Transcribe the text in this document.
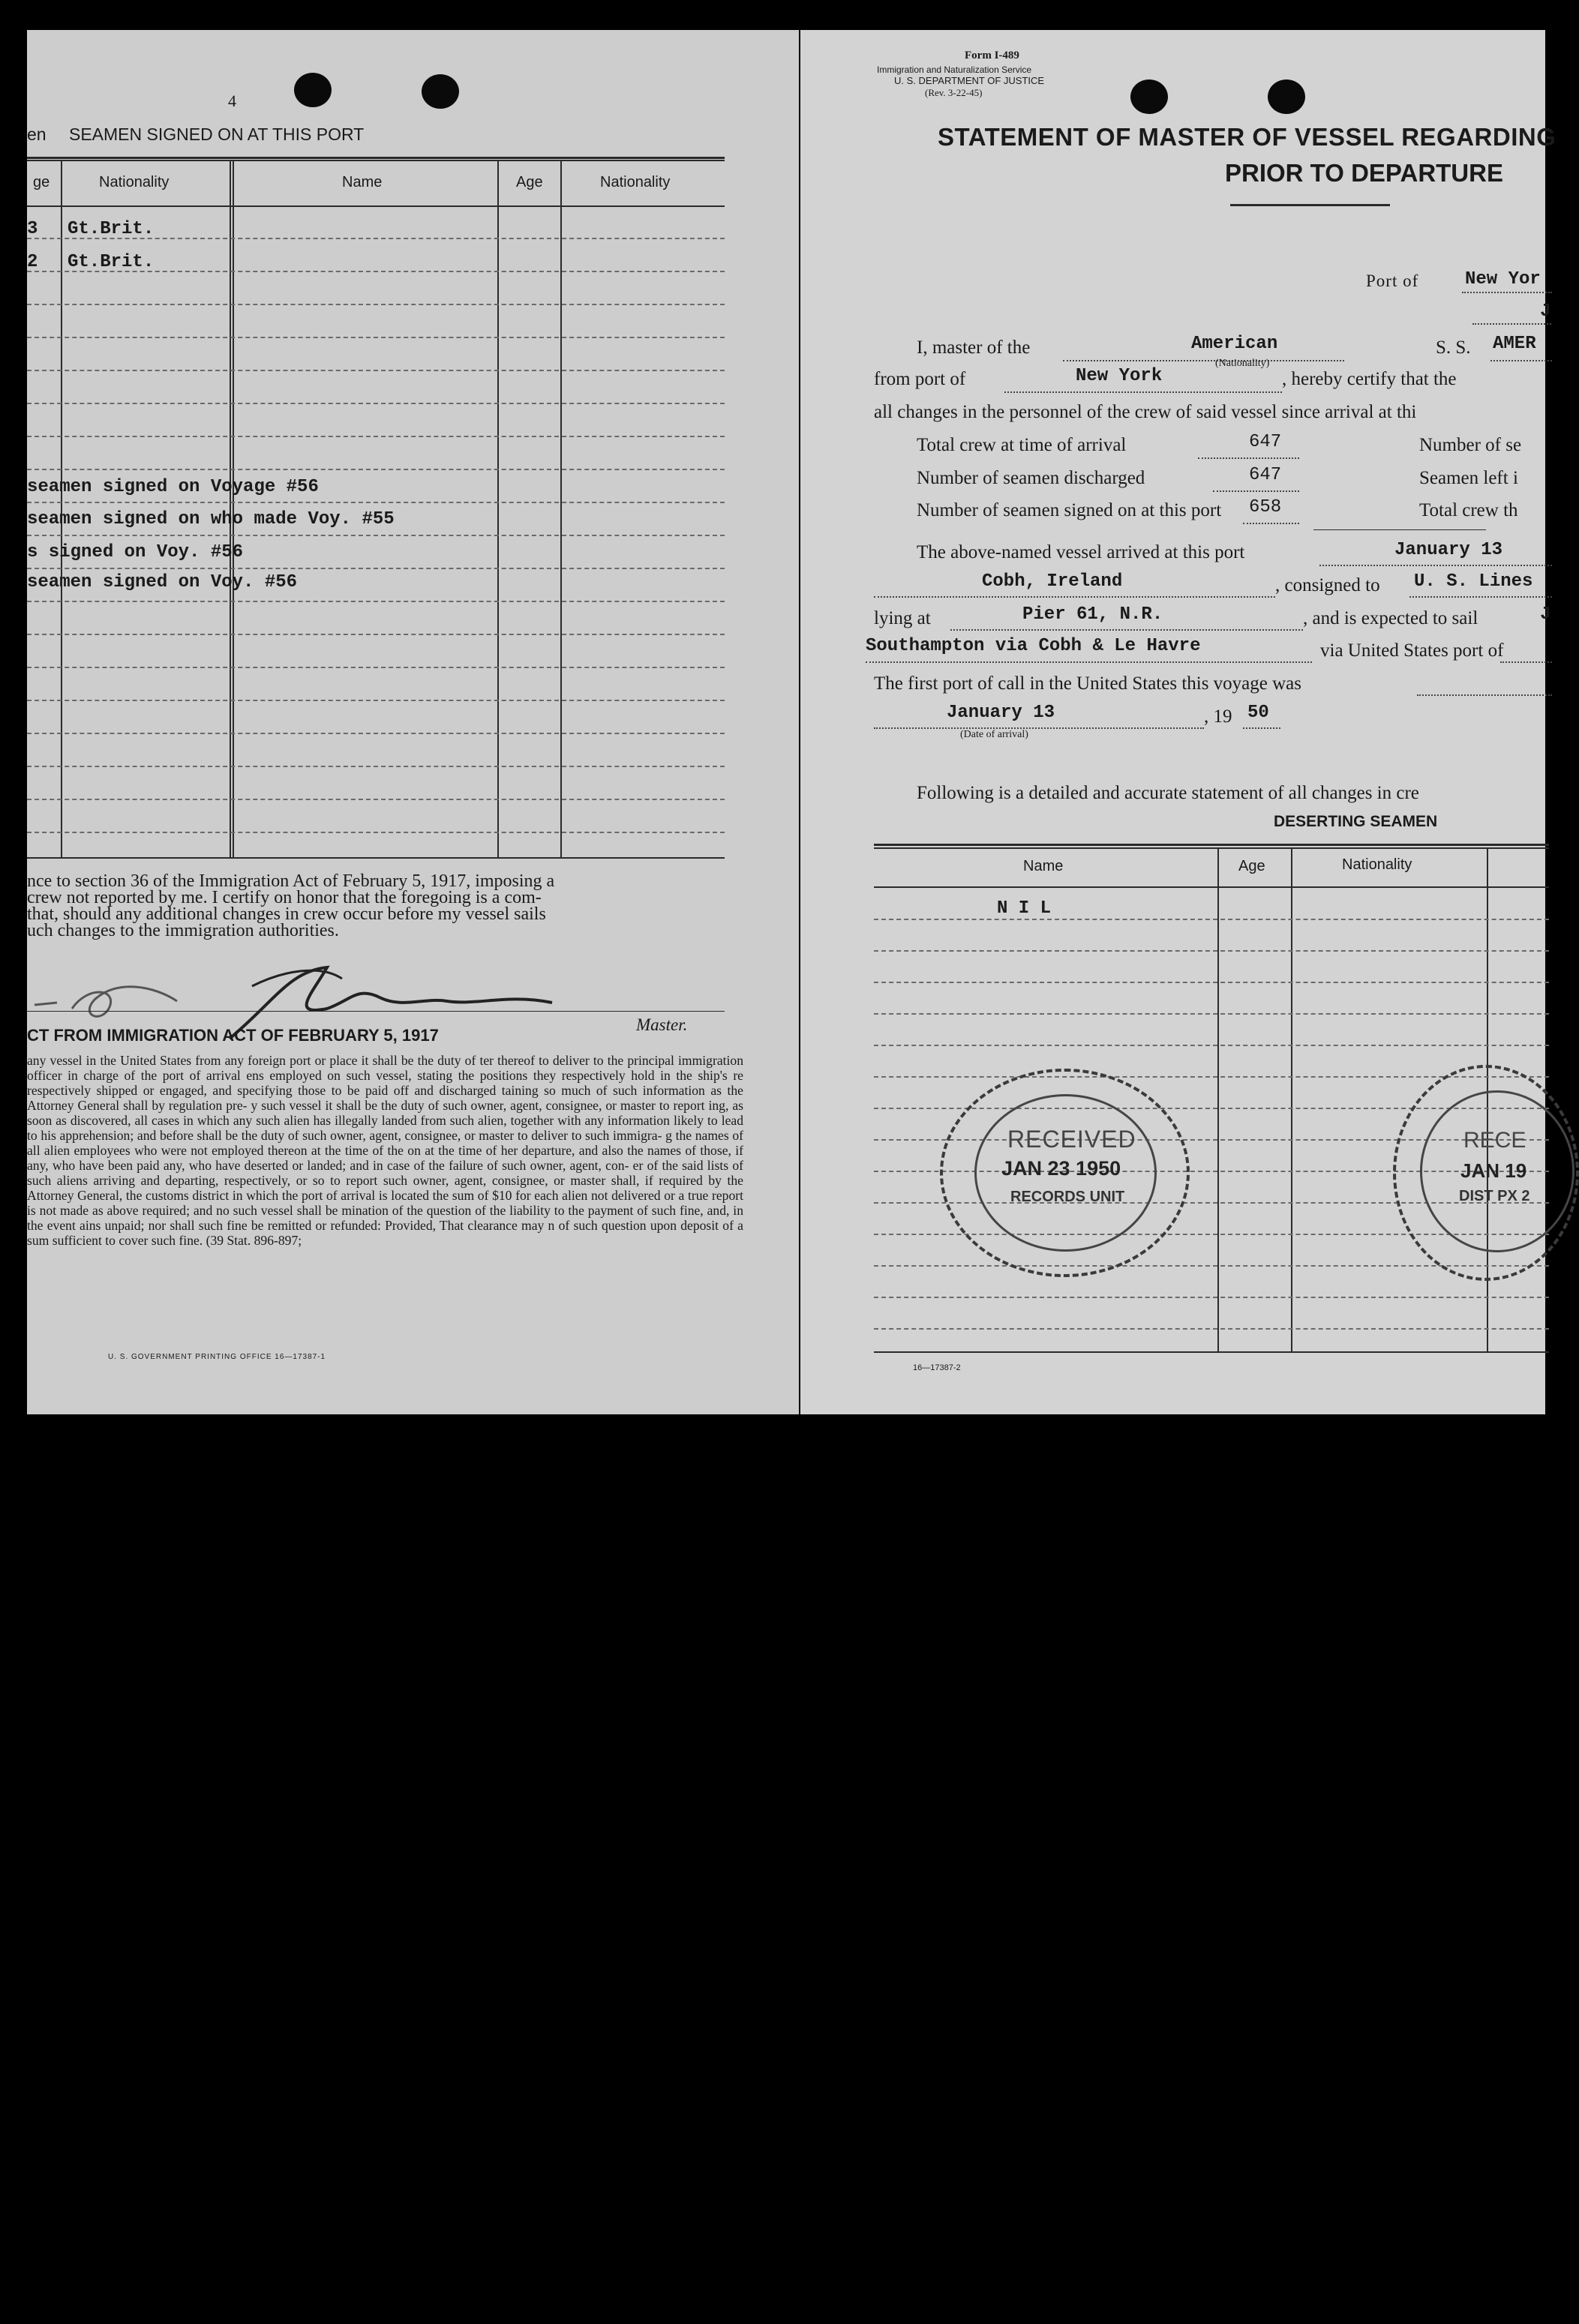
4
en SEAMEN SIGNED ON AT THIS PORT
ge	Nationality	Name	Age	Nationality
3 Gt.Brit.
2 Gt.Brit.
seamen signed on Voyage #56
seamen signed on who made Voy. #55
s signed on Voy. #56
seamen signed on Voy. #56
nce to section 36 of the Immigration Act of February 5, 1917, imposing a
crew not reported by me. I certify on honor that the foregoing is a com-
that, should any additional changes in crew occur before my vessel sails
uch changes to the immigration authorities.
Master.
CT FROM IMMIGRATION ACT OF FEBRUARY 5, 1917
any vessel in the United States from any foreign port or place it shall be the duty of ter thereof to deliver to the principal immigration officer in charge of the port of arrival ens employed on such vessel, stating the positions they respectively hold in the ship's re respectively shipped or engaged, and specifying those to be paid off and discharged taining so much of such information as the Attorney General shall by regulation pre- y such vessel it shall be the duty of such owner, agent, consignee, or master to report ing, as soon as discovered, all cases in which any such alien has illegally landed from such alien, together with any information likely to lead to his apprehension; and before shall be the duty of such owner, agent, consignee, or master to deliver to such immigra- g the names of all alien employees who were not employed thereon at the time of the on at the time of her departure, and also the names of those, if any, who have been paid any, who have deserted or landed; and in case of the failure of such owner, agent, con- er of the said lists of such aliens arriving and departing, respectively, or so to report such owner, agent, consignee, or master shall, if required by the Attorney General, the customs district in which the port of arrival is located the sum of $10 for each alien not delivered or a true report is not made as above required; and no such vessel shall be mination of the question of the liability to the payment of such fine, and, in the event ains unpaid; nor shall such fine be remitted or refunded: Provided, That clearance may n of such question upon deposit of a sum sufficient to cover such fine. (39 Stat. 896-897;
U. S. GOVERNMENT PRINTING OFFICE 16—17387-1
Form I-489
Immigration and Naturalization Service
U. S. DEPARTMENT OF JUSTICE
(Rev. 3-22-45)
STATEMENT OF MASTER OF VESSEL REGARDING
PRIOR TO DEPARTURE
Port of	New Yor
J
I, master of the	American
(Nationality)
S. S. AMER
from port of	New York	, hereby certify that the
all changes in the personnel of the crew of said vessel since arrival at thi
Total crew at time of arrival	647	Number of se
Number of seamen discharged	647	Seamen left i
Number of seamen signed on at this port 658	Total crew th
The above-named vessel arrived at this port	January 13
Cobh, Ireland	, consigned to U. S. Lines
lying at	Pier 61, N.R.	, and is expected to sail	J
Southampton via Cobh & Le Havre	via United States port of
The first port of call in the United States this voyage was
January 13	, 19 50
(Date of arrival)
Following is a detailed and accurate statement of all changes in cre
DESERTING SEAMEN
Name	Age	Nationality
N I L
RECEIVED
JAN 23 1950
RECORDS UNIT
RECE
JAN 19
DIST PX 2
16—17387-2
